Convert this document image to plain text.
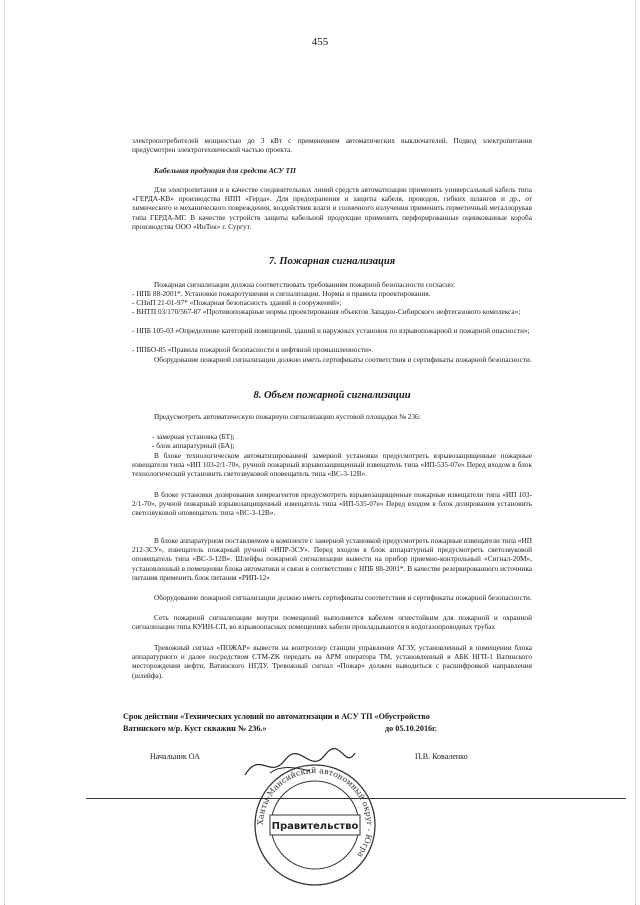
455
электропотребителей мощностью до 3 кВт с применением автоматических выключателей. Подвод электропитания предусмотрен электротехнической частью проекта.
Кабельная продукция для средств АСУ ТП
Для электропитания и в качестве соединительных линий средств автоматизации применить универсальный кабель типа «ГЕРДА-КВ» производства НПП «Герда». Для предохранения и защиты кабеля, проводов, гибких шлангов и др., от химического и механического повреждения, воздействия влаги и солнечного излучения применить герметичный металлорукав типа ГЕРДА-МГ. В качестве устройств защиты кабельной продукции применить перфорированные оцинкованные короба производства ООО «ИнТек» г. Сургут.
7. Пожарная сигнализация
Пожарная сигнализация должна соответствовать требованиям пожарной безопасности согласно:
- НПБ 88-2001*. Установки пожаротушения и сигнализации. Нормы и правила проектирования.
- СНиП 21-01-97* «Пожарная безопасность зданий и сооружений»;
- ВНТП 03/170/567-87 «Противопожарные нормы проектирования объектов Западно-Сибирского нефтегазового комплекса»;
- НПБ 105-03 «Определение категорий помещений, зданий и наружных установок по взрывопожарной и пожарной опасности»;
- ППБО-85 «Правила пожарной безопасности в нефтяной промышленности».
Оборудование пожарной сигнализации должно иметь сертификаты соответствия и сертификаты пожарной безопасности.
8. Объем пожарной сигнализации
Предусмотреть автоматическую пожарную сигнализацию кустовой площадки № 236:
- замерная установка (БТ);
- блок аппаратурный (БА);
В блоке технологическом автоматизированной замерной установки предусмотреть взрывозащищенные пожарные извещатели типа «ИП 103-2/1-70», ручной пожарный взрывозащищенный извещатель типа «ИП-535-07е» Перед входом в блок технологический установить светозвуковой оповещатель типа «ВС-3-12В».
В блоке установки дозирования химреагентов предусмотреть взрывозащищенные пожарные извещатели типа «ИП 103-2/1-70», ручной пожарный взрывозащищенный извещатель типа «ИП-535-07е» Перед входом в блок дозирования установить светозвуковой оповещатель типа «ВС-3-12В».
В блоке аппаратурном поставляемом в комплекте с замерной установкой предусмотреть пожарные извещатели типа «ИП 212-3СУ», извещатель пожарный ручной «ИПР-3СУ». Перед входом в блок аппаратурный предусмотреть светозвуковой оповещатель типа «ВС-3-12В». Шлейфы пожарной сигнализации вывести на прибор приемно-контрольный «Сигнал-20М», установленный в помещении блока автоматики и связи в соответствии с НПБ 88-2001*. В качестве резервированного источника питания применить блок питания «РИП-12»
Оборудование пожарной сигнализации должно иметь сертификаты соответствия и сертификаты пожарной безопасности.
Сеть пожарной сигнализации внутри помещений выполняется кабелем огнестойким для пожарной и охранной сигнализации типа КУИН-СП, во взрывоопасных помещениях кабели прокладываются в водогазопроводных трубах
Тревожный сигнал «ПОЖАР» вывести на контроллер станции управления АГЗУ, установленный в помещении блока аппаратурного и далее посредством CTM-ZK передать на АРМ оператора ТМ, установленный в АБК НГП-1 Ватинского месторождения нефти, Ватинского НГДУ. Тревожный сигнал «Пожар» должен выводиться с расшифровкой направления (шлейфа).
Срок действия «Технических условий по автоматизации и АСУ ТП «Обустройство
Ватинского м/р. Куст скважин № 236.»	до 05.10.2016г.
Начальник ОА	П.В. Коваленко
Ханты-Мансийский автономный округ - Югра
Правительство
